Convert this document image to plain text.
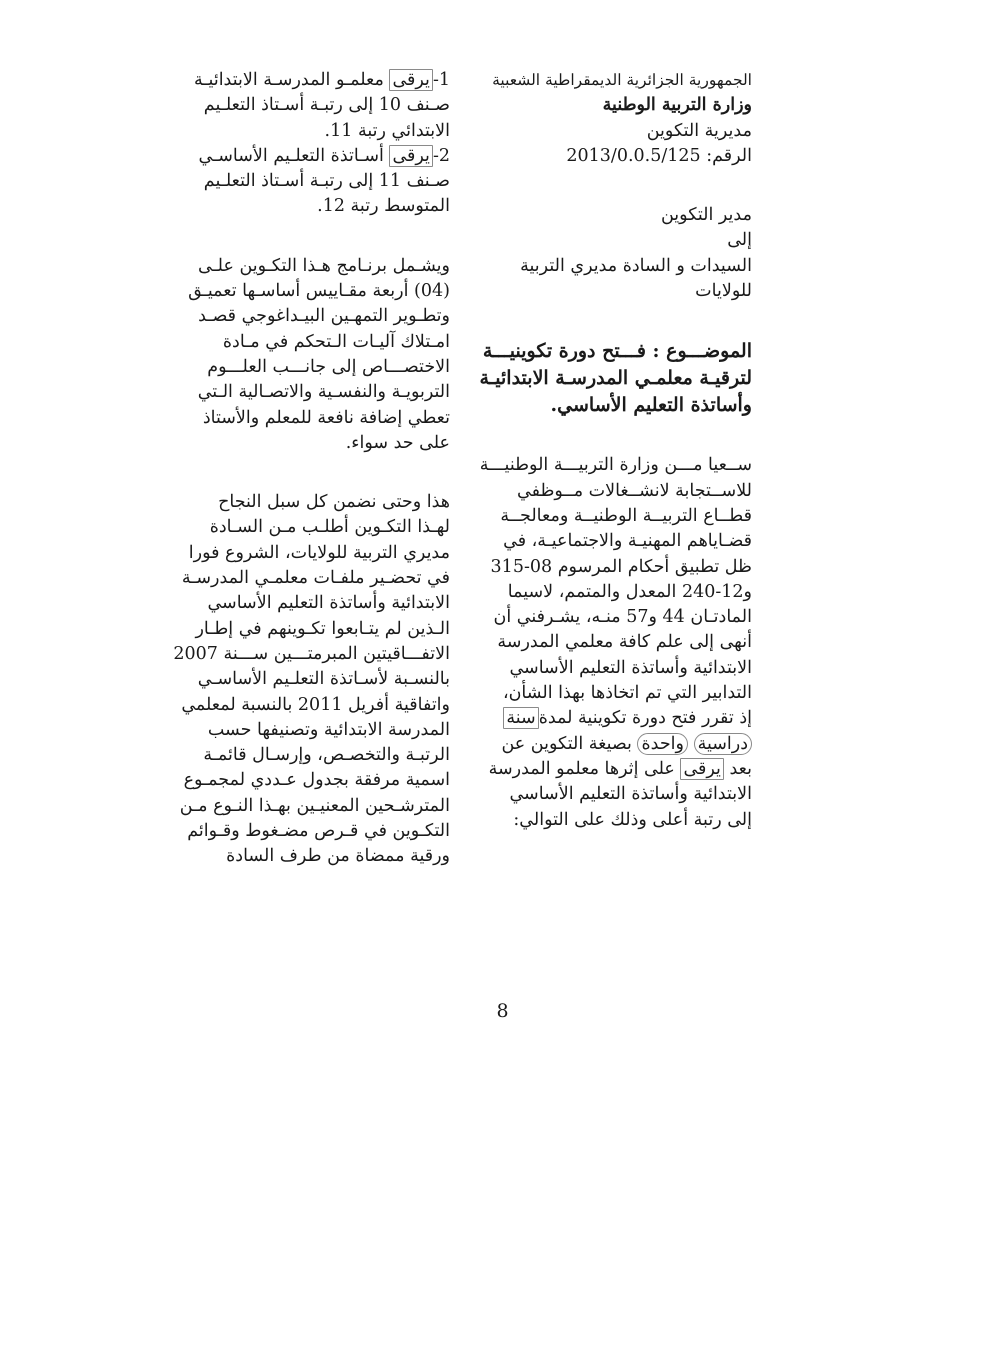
الجمهورية الجزائرية الديمقراطية الشعبية
وزارة التربية الوطنية
مديرية التكوين
الرقم: 2013/0.0.5/125
مدير التكوين
إلى
السيدات و السادة مديري التربية
للولايات
الموضـــوع : فـــتح دورة تكوينيـــة
لترقيـة معلمـي المدرسـة الابتدائيـة
وأساتذة التعليم الأساسي.
ســعيا مـــن وزارة التربيـــة الوطنيـــة
للاســتجابة لانشــغالات مــوظفي
قطــاع التربيــة الوطنيــة ومعالجــة
قضـاياهم المهنيـة والاجتماعيـة، في
ظل تطبيق أحكام المرسوم 08-315
و12-240 المعدل والمتمم، لاسيما
المادتـان 44 و57 منـه، يشـرفني أن
أنهى إلى علم كافة معلمي المدرسة
الابتدائية وأساتذة التعليم الأساسي
التدابير التي تم اتخاذها بهذا الشأن،
إذ تقرر فتح دورة تكوينية لمدةسنة
دراسية واحدة بصيغة التكوين عن
بعد يرقى على إثرها معلمو المدرسة
الابتدائية وأساتذة التعليم الأساسي
إلى رتبة أعلى وذلك على التوالي:
1-يرقى معلمـو المدرسـة الابتدائيـة
صـنف 10 إلى رتبـة أسـتاذ التعلـيم
الابتدائي رتبة 11.
2-يرقى أسـاتذة التعلـيم الأساسـي
صـنف 11 إلى رتبـة أسـتاذ التعلـيم
المتوسط رتبة 12.
ويشـمل برنـامج هـذا التكـوين علـى
(04) أربعة مقـاييس أساسـها تعميـق
وتطـوير التمهـين البيـداغوجي قصـد
امـتلاك آليـات الـتحكم في مـادة
الاختصـــاص إلى جانـــب العلـــوم
التربويـة والنفسـية والاتصـالية الـتي
تعطي إضافة نافعة للمعلم والأستاذ
على حد سواء.
هذا وحتى نضمن كل سبل النجاح
لهـذا التكـوين أطلـب مـن السـادة
مديري التربية للولايات، الشروع فورا
في تحضـير ملفـات معلمـي المدرسـة
الابتدائية وأساتذة التعليم الأساسي
الـذين لم يتـابعوا تكـوينهم في إطـار
الاتفـــاقيتين المبرمتـــين ســـنة 2007
بالنسـبة لأسـاتذة التعلـيم الأساسـي
واتفاقية أفريل 2011 بالنسبة لمعلمي
المدرسة الابتدائية وتصنيفها حسب
الرتبـة والتخصـص، وإرسـال قائمـة
اسمية مرفقة بجدول عـددي لمجمـوع
المترشـحين المعنيـين بهـذا النـوع مـن
التكـوين في قـرص مضـغوط وقـوائم
ورقية ممضاة من طرف السادة
8
